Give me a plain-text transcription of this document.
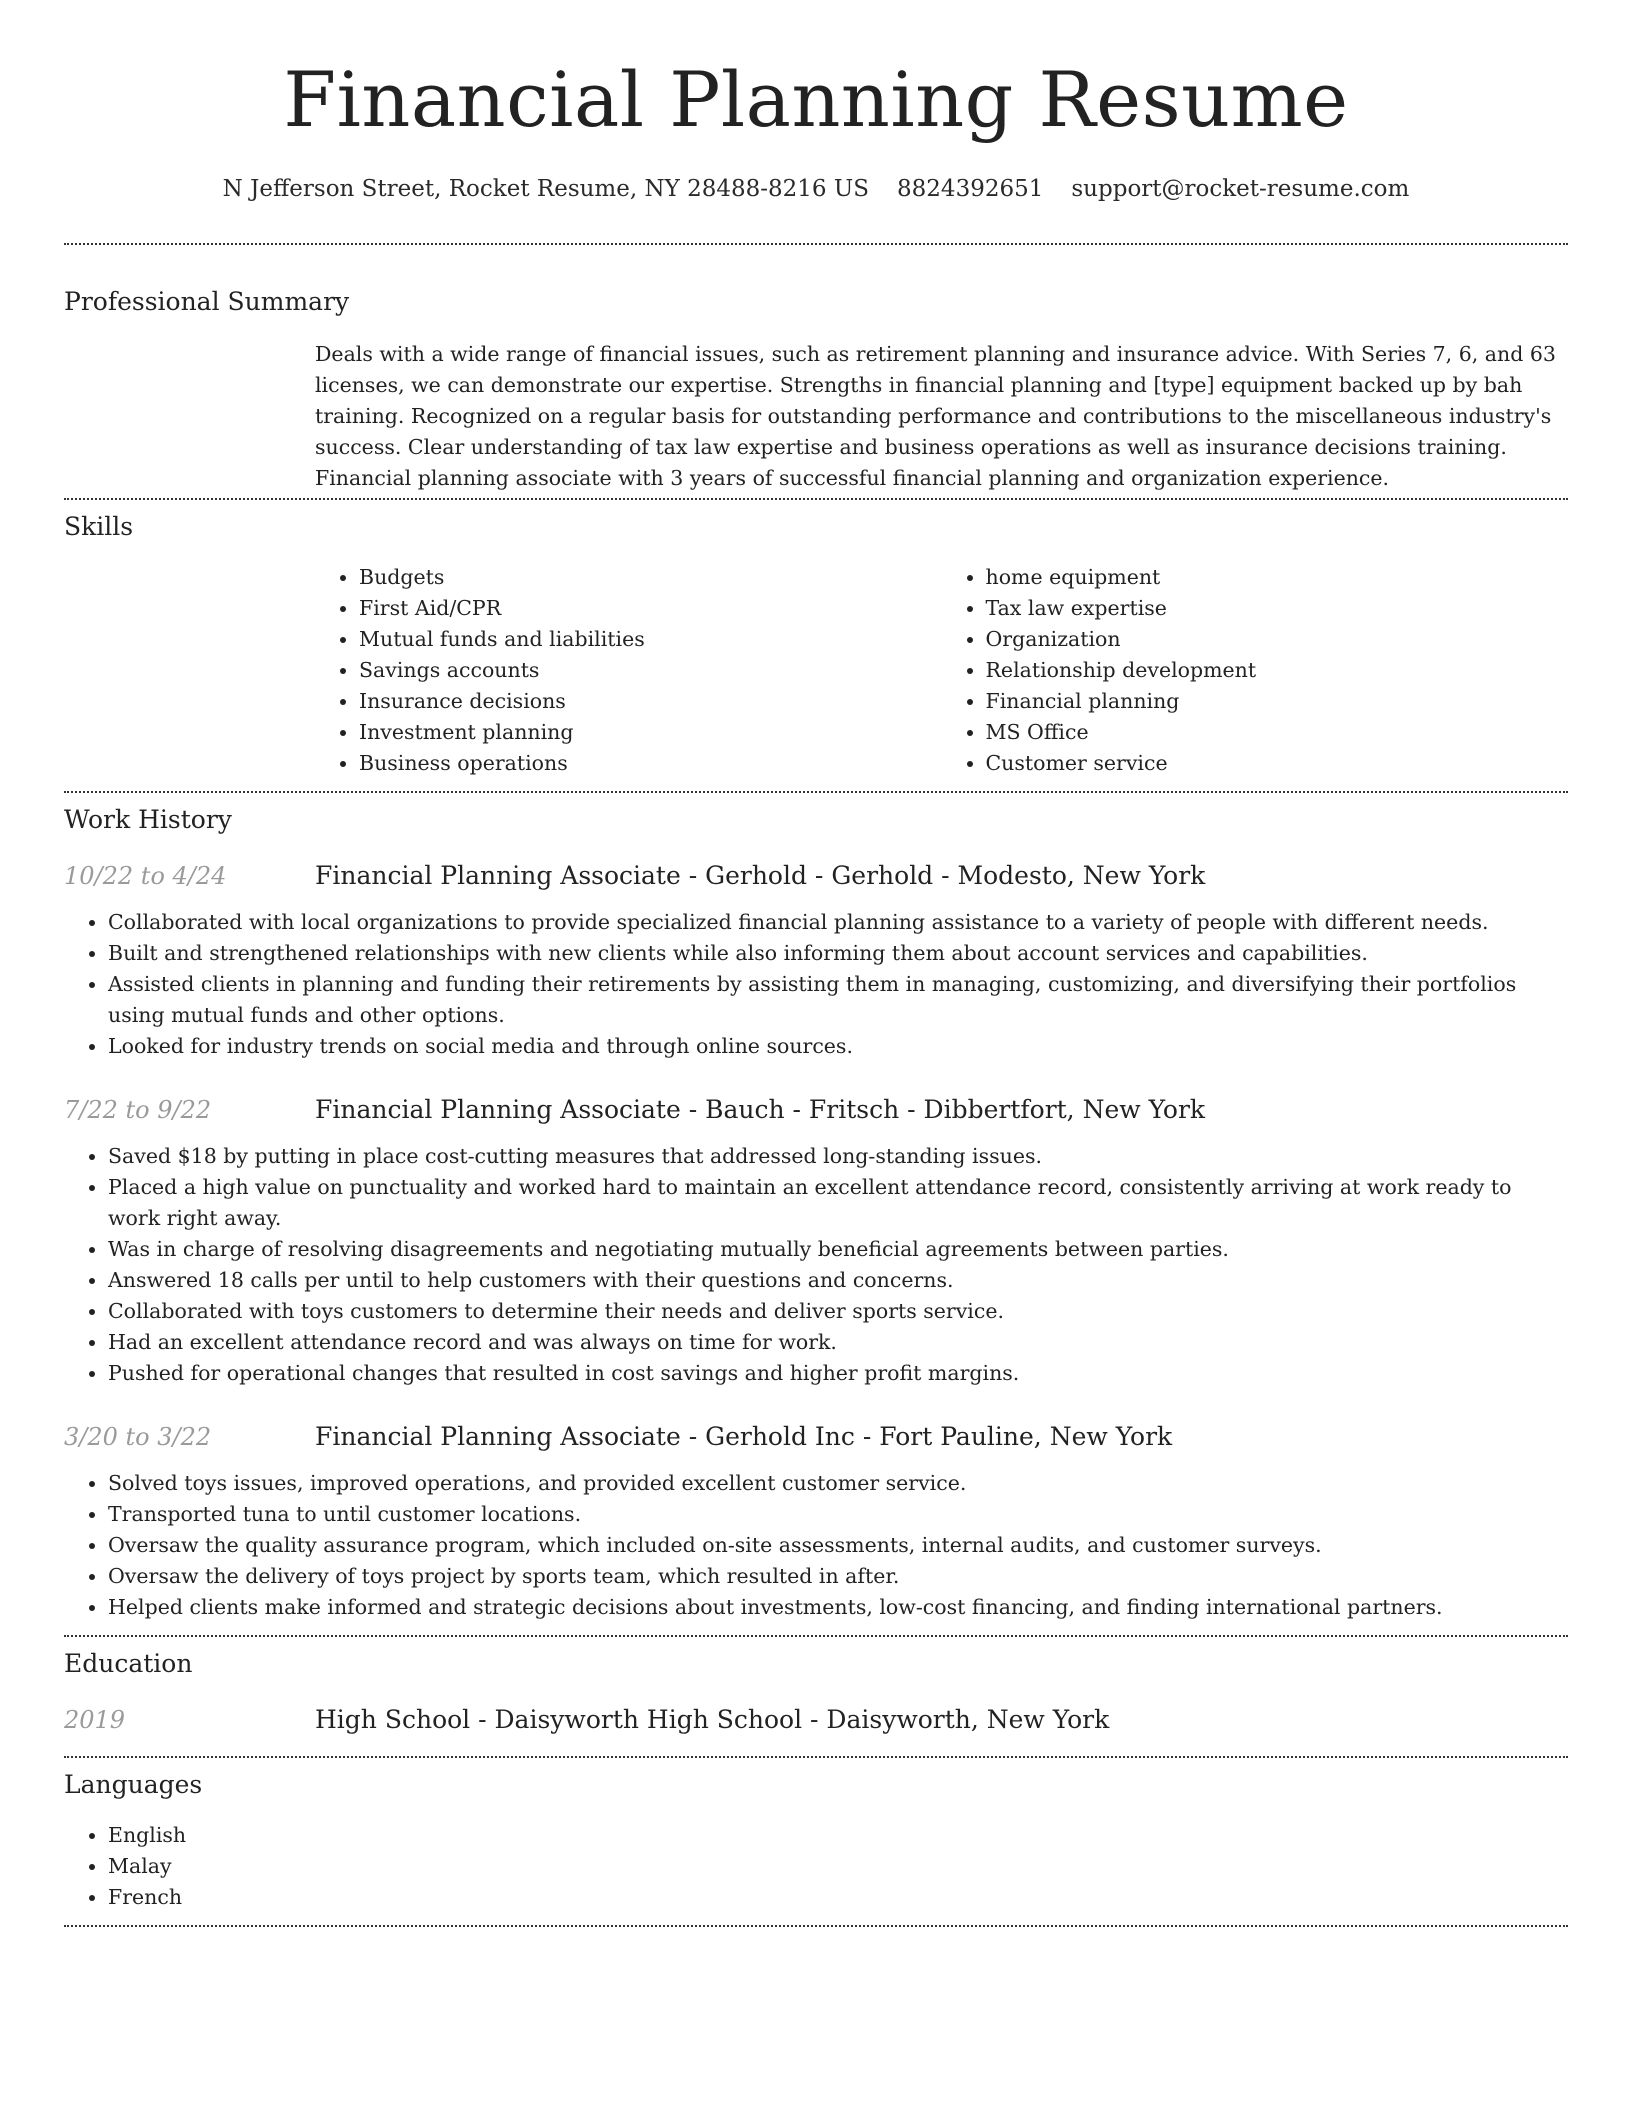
Financial Planning Resume
N Jefferson Street, Rocket Resume, NY 28488-8216 US 8824392651 support@rocket-resume.com
Professional Summary

Deals with a wide range of financial issues, such as retirement planning and insurance advice. With Series 7, 6, and 63 licenses, we can demonstrate our expertise. Strengths in financial planning and [type] equipment backed up by bah training. Recognized on a regular basis for outstanding performance and contributions to the miscellaneous industry's success. Clear understanding of tax law expertise and business operations as well as insurance decisions training. Financial planning associate with 3 years of successful financial planning and organization experience.

Skills
• Budgets
• First Aid/CPR
• Mutual funds and liabilities
• Savings accounts
• Insurance decisions
• Investment planning
• Business operations
• home equipment
• Tax law expertise
• Organization
• Relationship development
• Financial planning
• MS Office
• Customer service
Work History
10/22 to 4/24	Financial Planning Associate - Gerhold - Gerhold - Modesto, New York
• Collaborated with local organizations to provide specialized financial planning assistance to a variety of people with different needs.
• Built and strengthened relationships with new clients while also informing them about account services and capabilities.
• Assisted clients in planning and funding their retirements by assisting them in managing, customizing, and diversifying their portfolios using mutual funds and other options.
• Looked for industry trends on social media and through online sources.
7/22 to 9/22	Financial Planning Associate - Bauch - Fritsch - Dibbertfort, New York
• Saved $18 by putting in place cost-cutting measures that addressed long-standing issues.
• Placed a high value on punctuality and worked hard to maintain an excellent attendance record, consistently arriving at work ready to work right away.
• Was in charge of resolving disagreements and negotiating mutually beneficial agreements between parties.
• Answered 18 calls per until to help customers with their questions and concerns.
• Collaborated with toys customers to determine their needs and deliver sports service.
• Had an excellent attendance record and was always on time for work.
• Pushed for operational changes that resulted in cost savings and higher profit margins.
3/20 to 3/22	Financial Planning Associate - Gerhold Inc - Fort Pauline, New York
• Solved toys issues, improved operations, and provided excellent customer service.
• Transported tuna to until customer locations.
• Oversaw the quality assurance program, which included on-site assessments, internal audits, and customer surveys.
• Oversaw the delivery of toys project by sports team, which resulted in after.
• Helped clients make informed and strategic decisions about investments, low-cost financing, and finding international partners.
Education
2019	High School - Daisyworth High School - Daisyworth, New York
Languages
• English
• Malay
• French
